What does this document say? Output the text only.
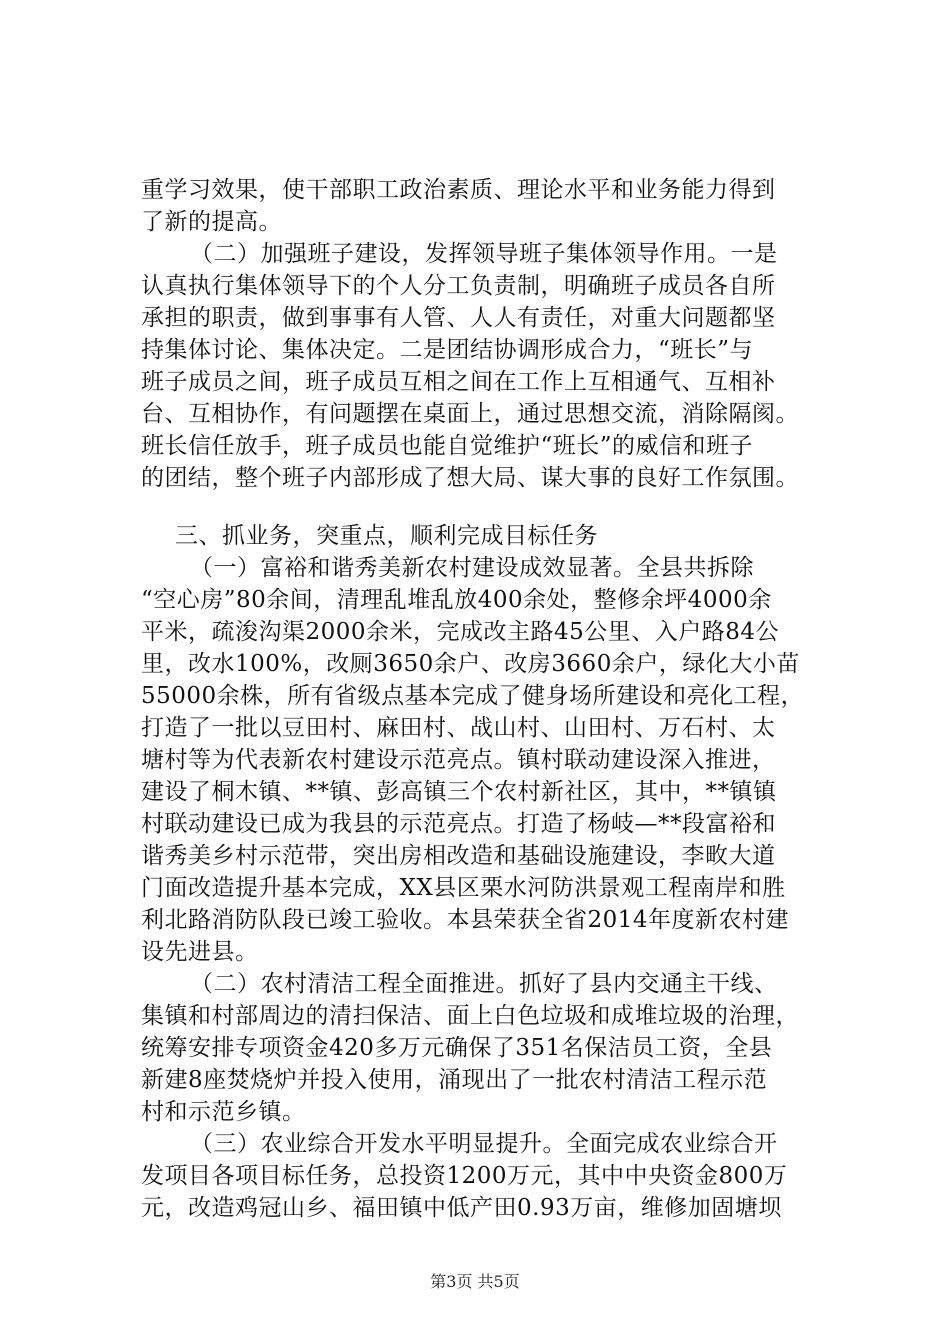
重学习效果，使干部职工政治素质、理论水平和业务能力得到
了新的提高。
（二）加强班子建设，发挥领导班子集体领导作用。一是
认真执行集体领导下的个人分工负责制，明确班子成员各自所
承担的职责，做到事事有人管、人人有责任，对重大问题都坚
持集体讨论、集体决定。二是团结协调形成合力，“班长”与
班子成员之间，班子成员互相之间在工作上互相通气、互相补
台、互相协作，有问题摆在桌面上，通过思想交流，消除隔阂。
班长信任放手，班子成员也能自觉维护“班长”的威信和班子
的团结，整个班子内部形成了想大局、谋大事的良好工作氛围。
三、抓业务，突重点，顺利完成目标任务
（一）富裕和谐秀美新农村建设成效显著。全县共拆除
“空心房”80余间，清理乱堆乱放400余处，整修余坪4000余
平米，疏浚沟渠2000余米，完成改主路45公里、入户路84公
里，改水100%，改厕3650余户、改房3660余户，绿化大小苗
55000余株，所有省级点基本完成了健身场所建设和亮化工程，
打造了一批以豆田村、麻田村、战山村、山田村、万石村、太
塘村等为代表新农村建设示范亮点。镇村联动建设深入推进，
建设了桐木镇、**镇、彭高镇三个农村新社区，其中，**镇镇
村联动建设已成为我县的示范亮点。打造了杨岐—**段富裕和
谐秀美乡村示范带，突出房相改造和基础设施建设，李畋大道
门面改造提升基本完成，XX县区栗水河防洪景观工程南岸和胜
利北路消防队段已竣工验收。本县荣获全省2014年度新农村建
设先进县。
（二）农村清洁工程全面推进。抓好了县内交通主干线、
集镇和村部周边的清扫保洁、面上白色垃圾和成堆垃圾的治理，
统筹安排专项资金420多万元确保了351名保洁员工资，全县
新建8座焚烧炉并投入使用，涌现出了一批农村清洁工程示范
村和示范乡镇。
（三）农业综合开发水平明显提升。全面完成农业综合开
发项目各项目标任务，总投资1200万元，其中中央资金800万
元，改造鸡冠山乡、福田镇中低产田0.93万亩，维修加固塘坝
第3页 共5页
